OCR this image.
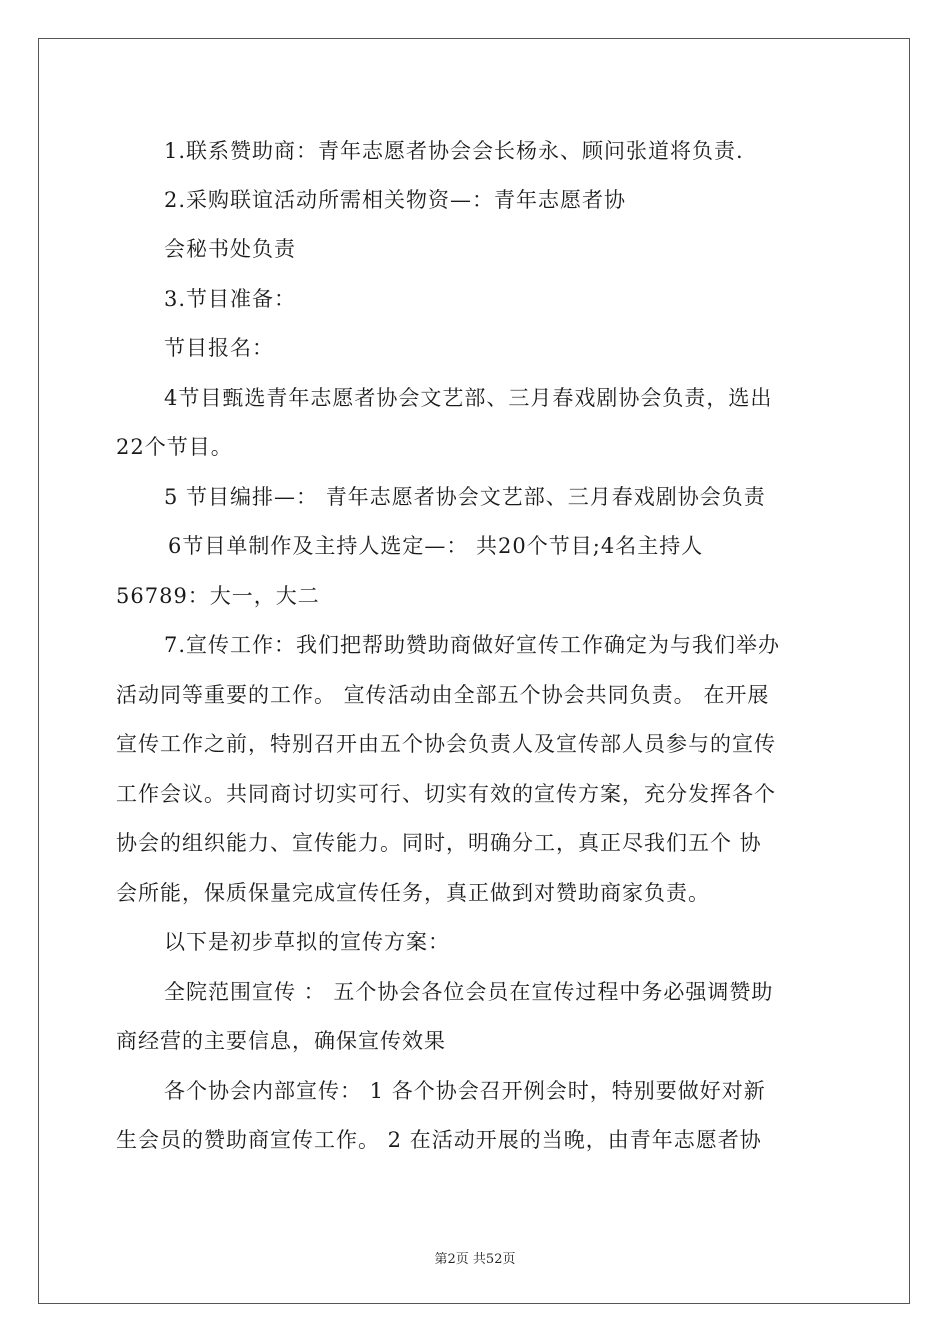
1.联系赞助商：青年志愿者协会会长杨永、顾问张道将负责.
2.采购联谊活动所需相关物资—：青年志愿者协
会秘书处负责
3.节目准备：
节目报名：
4节目甄选青年志愿者协会文艺部、三月春戏剧协会负责，选出
22个节目。
5 节目编排—： 青年志愿者协会文艺部、三月春戏剧协会负责
6节目单制作及主持人选定—： 共20个节目;4名主持人
56789：大一，大二
7.宣传工作：我们把帮助赞助商做好宣传工作确定为与我们举办
活动同等重要的工作。 宣传活动由全部五个协会共同负责。 在开展
宣传工作之前，特别召开由五个协会负责人及宣传部人员参与的宣传
工作会议。共同商讨切实可行、切实有效的宣传方案，充分发挥各个
协会的组织能力、宣传能力。同时，明确分工，真正尽我们五个 协
会所能，保质保量完成宣传任务，真正做到对赞助商家负责。
以下是初步草拟的宣传方案：
全院范围宣传 ： 五个协会各位会员在宣传过程中务必强调赞助
商经营的主要信息，确保宣传效果
各个协会内部宣传： 1 各个协会召开例会时，特别要做好对新
生会员的赞助商宣传工作。 2 在活动开展的当晚，由青年志愿者协
第2页 共52页
